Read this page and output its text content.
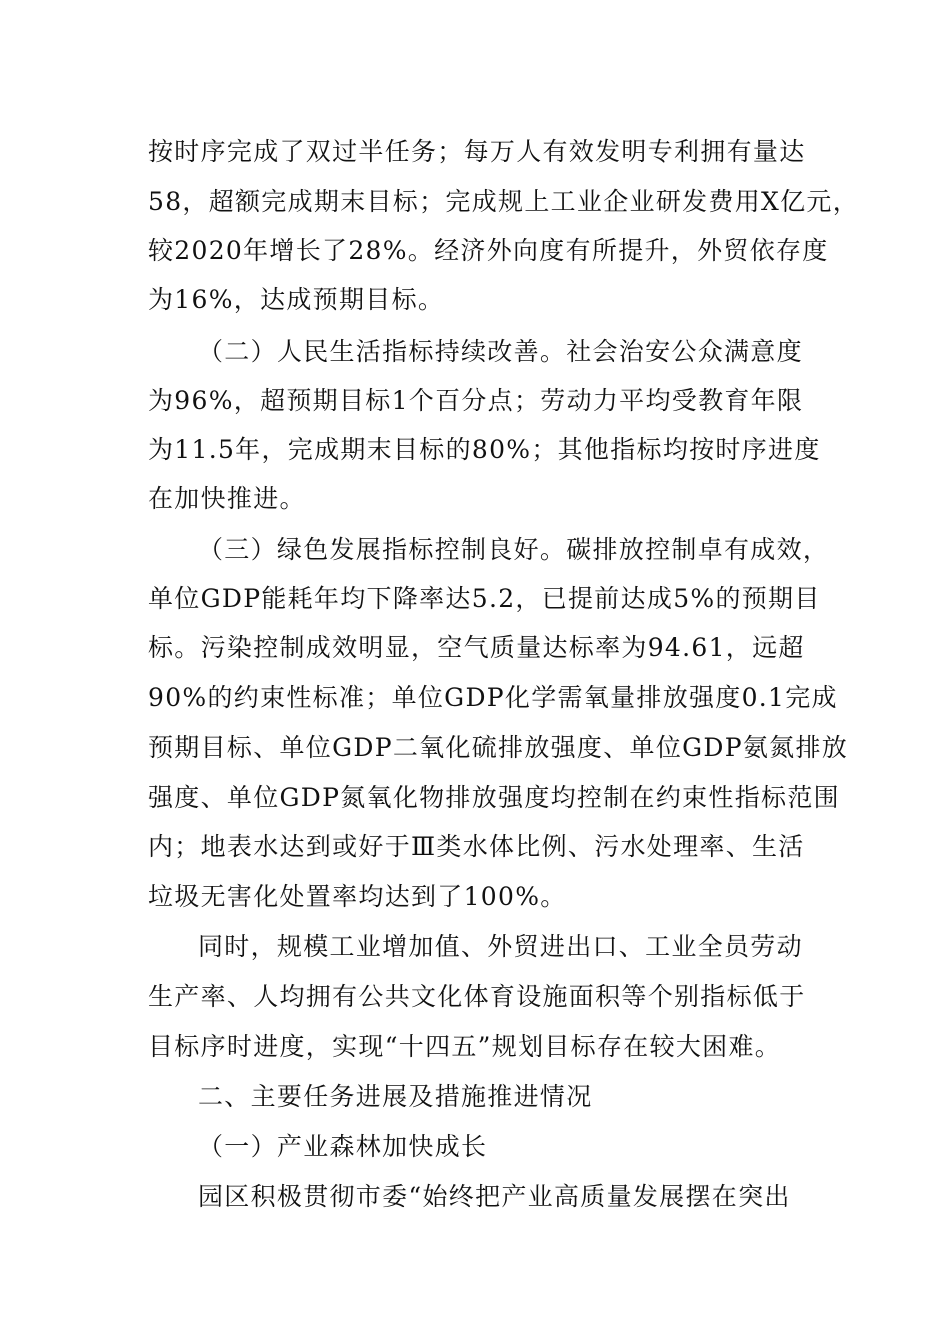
按时序完成了双过半任务；每万人有效发明专利拥有量达
58，超额完成期末目标；完成规上工业企业研发费用X亿元，
较2020年增长了28%。经济外向度有所提升，外贸依存度
为16%，达成预期目标。
（二）人民生活指标持续改善。社会治安公众满意度
为96%，超预期目标1个百分点；劳动力平均受教育年限
为11.5年，完成期末目标的80%；其他指标均按时序进度
在加快推进。
（三）绿色发展指标控制良好。碳排放控制卓有成效，
单位GDP能耗年均下降率达5.2，已提前达成5%的预期目
标。污染控制成效明显，空气质量达标率为94.61，远超
90%的约束性标准；单位GDP化学需氧量排放强度0.1完成
预期目标、单位GDP二氧化硫排放强度、单位GDP氨氮排放
强度、单位GDP氮氧化物排放强度均控制在约束性指标范围
内；地表水达到或好于Ⅲ类水体比例、污水处理率、生活
垃圾无害化处置率均达到了100%。
同时，规模工业增加值、外贸进出口、工业全员劳动
生产率、人均拥有公共文化体育设施面积等个别指标低于
目标序时进度，实现“十四五”规划目标存在较大困难。
二、主要任务进展及措施推进情况
（一）产业森林加快成长
园区积极贯彻市委“始终把产业高质量发展摆在突出
